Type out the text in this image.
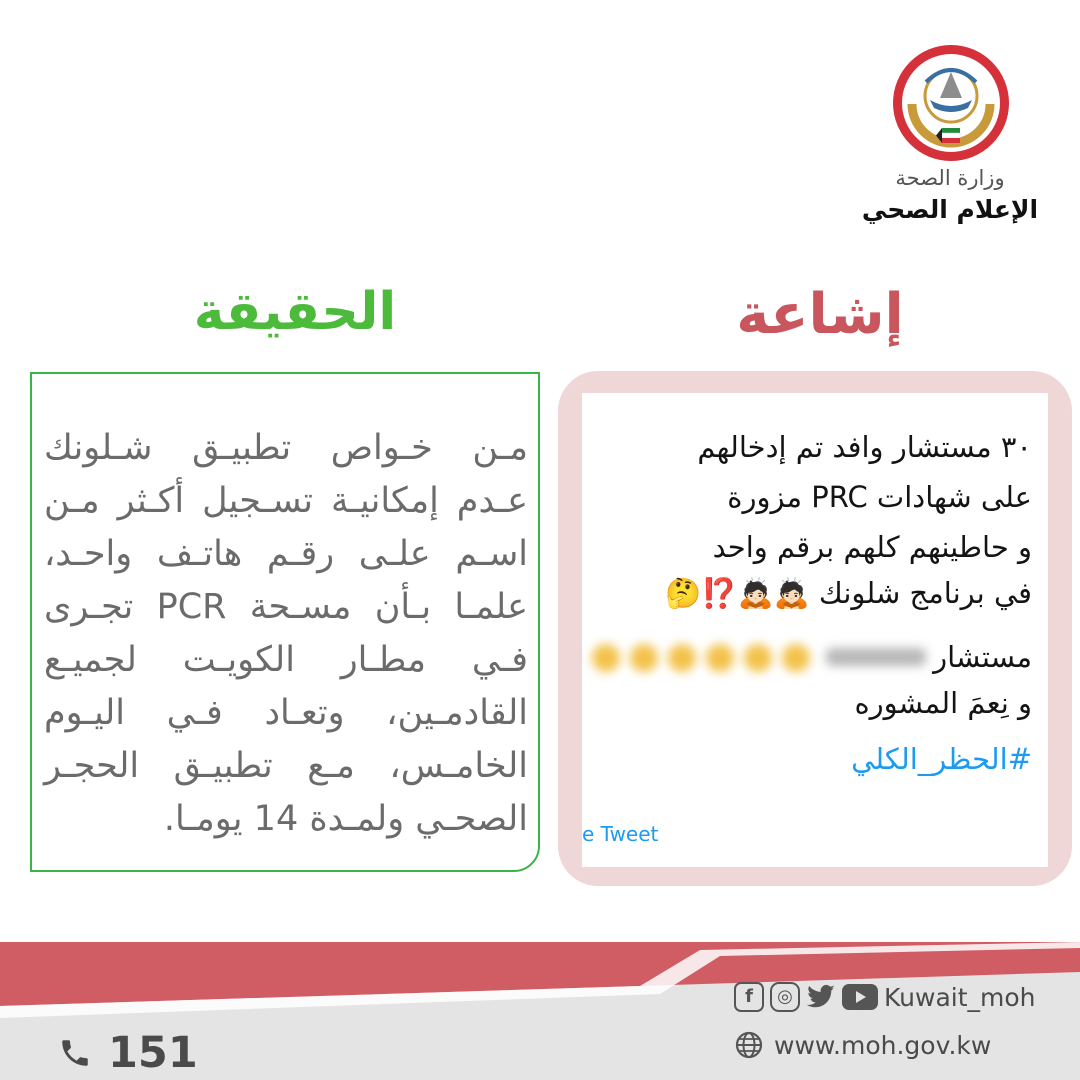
وزارة الصحة
الإعلام الصحي
إشاعة
الحقيقة
مـن خـواص تطبيـق شـلونك
عـدم إمكانيـة تسـجيل أكـثر مـن
اسـم علـى رقـم هاتـف واحـد،
علمـا بـأن مسـحة PCR تجـرى
فـي مطـار الكويـت لجميـع
القادمـين، وتعـاد فـي اليـوم
الخامـس، مـع تطبيـق الحجـر
الصحـي ولمـدة 14 يومـا.
٣٠ مستشار وافد تم إدخالهم
على شهادات PRC مزورة
و حاطينهم كلهم برقم واحد
في برنامج شلونك 🙇🏻🙇🏻⁉️🤔
مستشار
و نِعمَ المشوره
#الحظر_الكلي
e Tweet
f ◎	Kuwait_moh
www.moh.gov.kw
151
